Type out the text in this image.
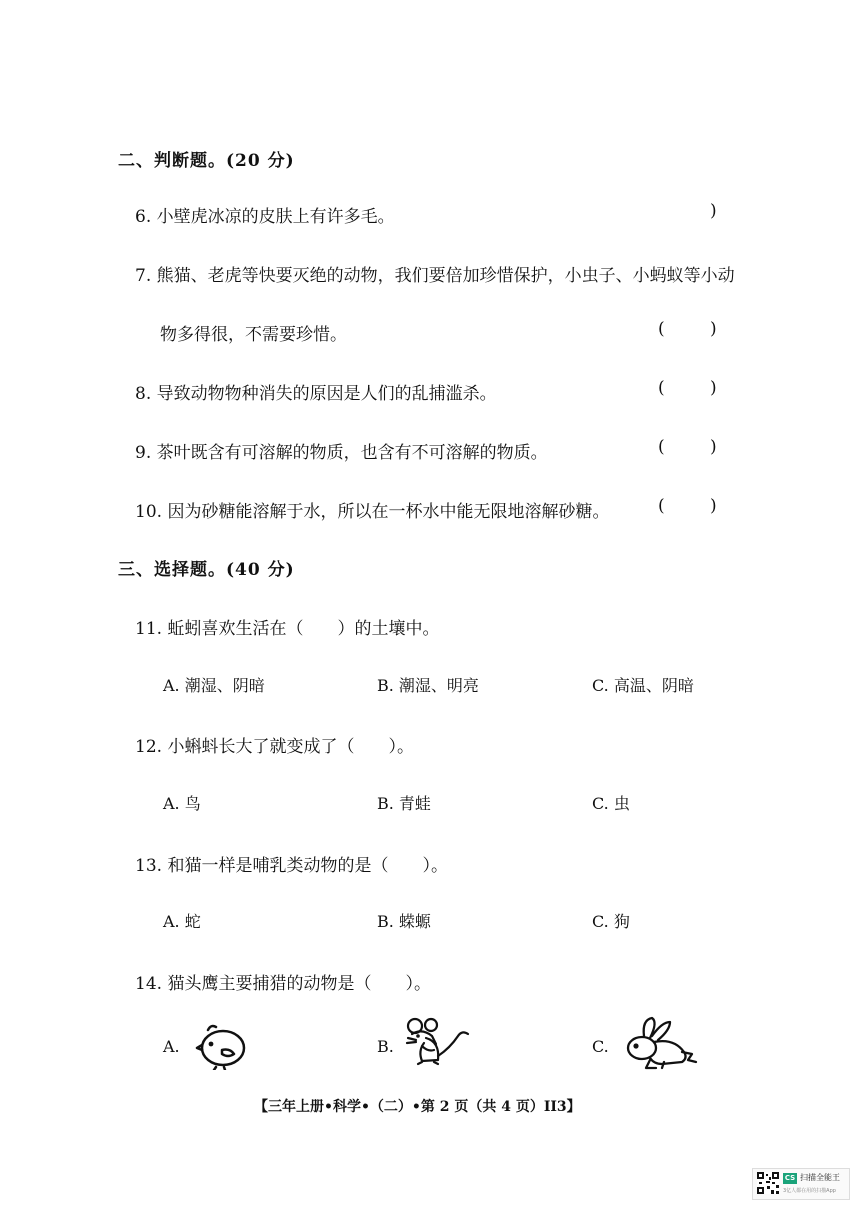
二、判断题。(20 分)
6. 小壁虎冰凉的皮肤上有许多毛。	)
7. 熊猫、老虎等快要灭绝的动物，我们要倍加珍惜保护，小虫子、小蚂蚁等小动
物多得很，不需要珍惜。	(	)
8. 导致动物物种消失的原因是人们的乱捕滥杀。	(	)
9. 茶叶既含有可溶解的物质，也含有不可溶解的物质。	(	)
10. 因为砂糖能溶解于水，所以在一杯水中能无限地溶解砂糖。	(	)
三、选择题。(40 分)
11. 蚯蚓喜欢生活在（　　）的土壤中。
A. 潮湿、阴暗	B. 潮湿、明亮	C. 高温、阴暗
12. 小蝌蚪长大了就变成了（　　）。
A. 鸟	B. 青蛙	C. 虫
13. 和猫一样是哺乳类动物的是（　　）。
A. 蛇	B. 蝾螈	C. 狗
14. 猫头鹰主要捕猎的动物是（　　）。
A.	B.	C.
【三年上册•科学•（二）•第 2 页（共 4 页）II3】
CS 扫描全能王
3亿人都在用的扫描App
